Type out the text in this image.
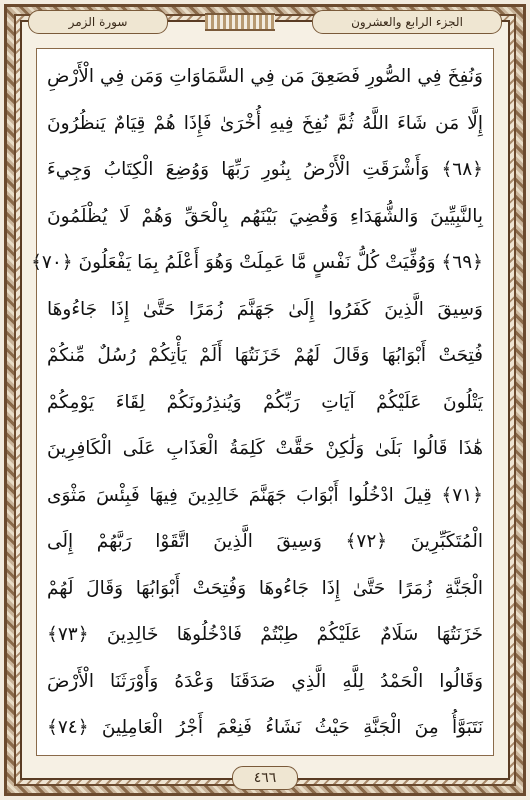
سورة الزمر	الجزء الرابع والعشرون
وَنُفِخَ فِي الصُّورِ فَصَعِقَ مَن فِي السَّمَاوَاتِ وَمَن فِي الْأَرْضِ
إِلَّا مَن شَاءَ اللَّهُ ثُمَّ نُفِخَ فِيهِ أُخْرَىٰ فَإِذَا هُمْ قِيَامٌ يَنظُرُونَ
﴿٦٨﴾ وَأَشْرَقَتِ الْأَرْضُ بِنُورِ رَبِّهَا وَوُضِعَ الْكِتَابُ وَجِيءَ
بِالنَّبِيِّينَ وَالشُّهَدَاءِ وَقُضِيَ بَيْنَهُم بِالْحَقِّ وَهُمْ لَا يُظْلَمُونَ
﴿٦٩﴾ وَوُفِّيَتْ كُلُّ نَفْسٍ مَّا عَمِلَتْ وَهُوَ أَعْلَمُ بِمَا يَفْعَلُونَ ﴿٧٠﴾
وَسِيقَ الَّذِينَ كَفَرُوا إِلَىٰ جَهَنَّمَ زُمَرًا حَتَّىٰ إِذَا جَاءُوهَا
فُتِحَتْ أَبْوَابُهَا وَقَالَ لَهُمْ خَزَنَتُهَا أَلَمْ يَأْتِكُمْ رُسُلٌ مِّنكُمْ
يَتْلُونَ عَلَيْكُمْ آيَاتِ رَبِّكُمْ وَيُنذِرُونَكُمْ لِقَاءَ يَوْمِكُمْ
هَٰذَا قَالُوا بَلَىٰ وَلَٰكِنْ حَقَّتْ كَلِمَةُ الْعَذَابِ عَلَى الْكَافِرِينَ
﴿٧١﴾ قِيلَ ادْخُلُوا أَبْوَابَ جَهَنَّمَ خَالِدِينَ فِيهَا فَبِئْسَ مَثْوَى
الْمُتَكَبِّرِينَ ﴿٧٢﴾ وَسِيقَ الَّذِينَ اتَّقَوْا رَبَّهُمْ إِلَى
الْجَنَّةِ زُمَرًا حَتَّىٰ إِذَا جَاءُوهَا وَفُتِحَتْ أَبْوَابُهَا وَقَالَ لَهُمْ
خَزَنَتُهَا سَلَامٌ عَلَيْكُمْ طِبْتُمْ فَادْخُلُوهَا خَالِدِينَ ﴿٧٣﴾
وَقَالُوا الْحَمْدُ لِلَّهِ الَّذِي صَدَقَنَا وَعْدَهُ وَأَوْرَثَنَا الْأَرْضَ
نَتَبَوَّأُ مِنَ الْجَنَّةِ حَيْثُ نَشَاءُ فَنِعْمَ أَجْرُ الْعَامِلِينَ ﴿٧٤﴾
٤٦٦
